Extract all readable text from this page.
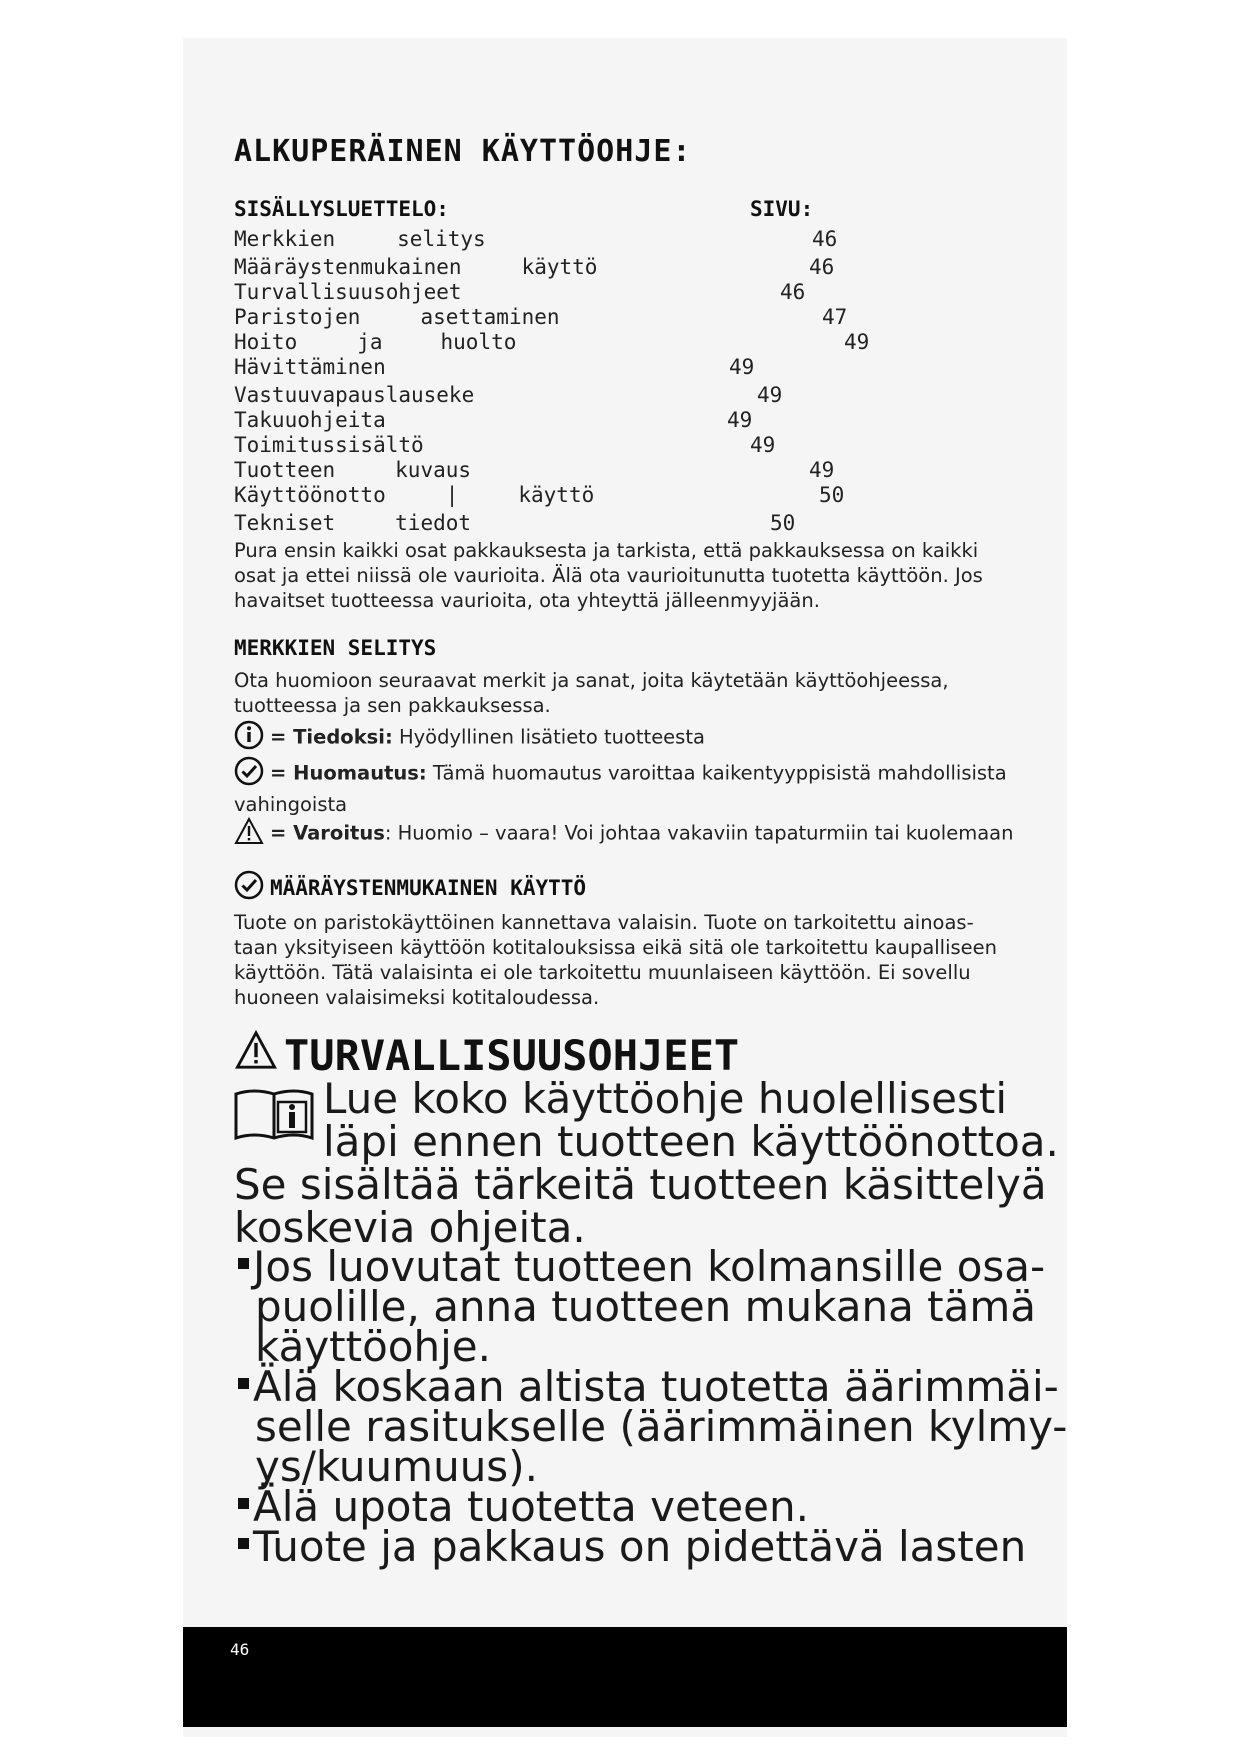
ALKUPERÄINEN KÄYTTÖOHJE:
SISÄLLYSLUETTELO:	SIVU:
Merkkien	selitys	46
Määräystenmukainen	käyttö	46
Turvallisuusohjeet	46
Paristojen	asettaminen	47
Hoito	ja	huolto	49
Hävittäminen	49
Vastuuvapauslauseke	49
Takuuohjeita	49
Toimitussisältö	49
Tuotteen	kuvaus	49
Käyttöönotto	|	käyttö	50
Tekniset	tiedot	50
Pura ensin kaikki osat pakkauksesta ja tarkista, että pakkauksessa on kaikki
osat ja ettei niissä ole vaurioita. Älä ota vaurioitunutta tuotetta käyttöön. Jos
havaitset tuotteessa vaurioita, ota yhteyttä jälleenmyyjään.
MERKKIEN SELITYS
Ota huomioon seuraavat merkit ja sanat, joita käytetään käyttöohjeessa,
tuotteessa ja sen pakkauksessa.
= Tiedoksi: Hyödyllinen lisätieto tuotteesta
= Huomautus: Tämä huomautus varoittaa kaikentyyppisistä mahdollisista
vahingoista
= Varoitus: Huomio – vaara! Voi johtaa vakaviin tapaturmiin tai kuolemaan
MÄÄRÄYSTENMUKAINEN KÄYTTÖ
Tuote on paristokäyttöinen kannettava valaisin. Tuote on tarkoitettu ainoas-
taan yksityiseen käyttöön kotitalouksissa eikä sitä ole tarkoitettu kaupalliseen
käyttöön. Tätä valaisinta ei ole tarkoitettu muunlaiseen käyttöön. Ei sovellu
huoneen valaisimeksi kotitaloudessa.
TURVALLISUUSOHJEET
Lue koko käyttöohje huolellisesti
läpi ennen tuotteen käyttöönottoa.
Se sisältää tärkeitä tuotteen käsittelyä
koskevia ohjeita.
Jos luovutat tuotteen kolmansille osa-
puolille, anna tuotteen mukana tämä
käyttöohje.
Älä koskaan altista tuotetta äärimmäi-
selle rasitukselle (äärimmäinen kylmy-
ys/kuumuus).
Älä upota tuotetta veteen.
Tuote ja pakkaus on pidettävä lasten
46
